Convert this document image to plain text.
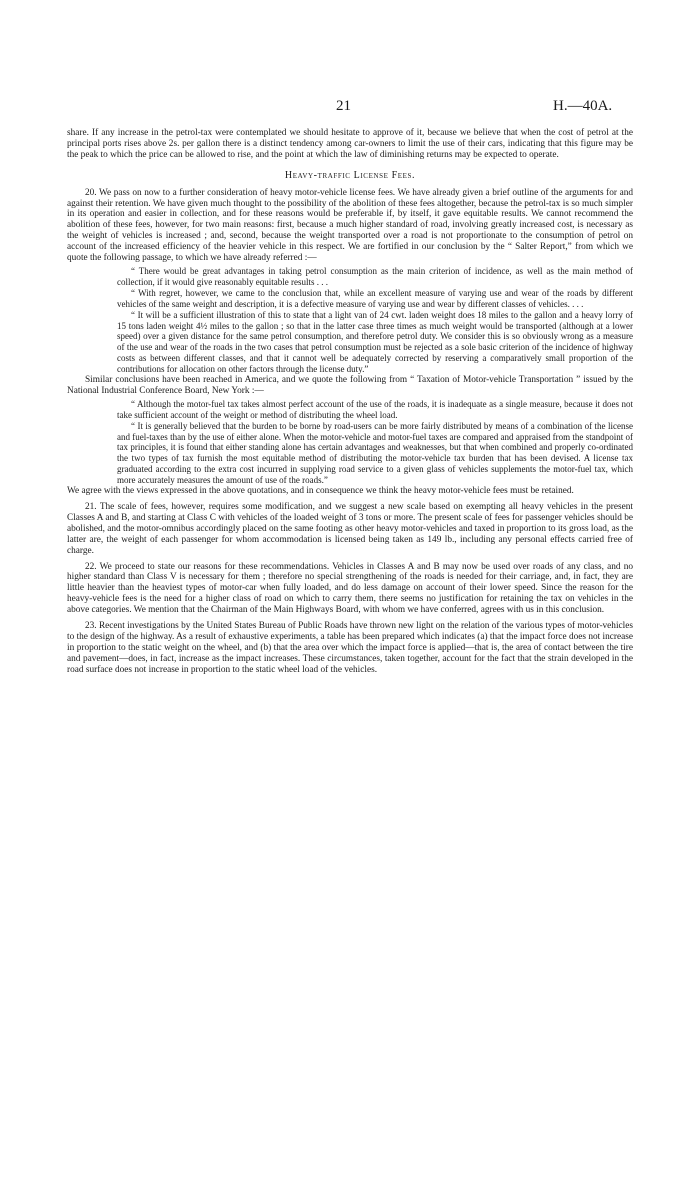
21	H.—40A.

share. If any increase in the petrol-tax were contemplated we should hesitate to approve of it, because we believe that when the cost of petrol at the principal ports rises above 2s. per gallon there is a distinct tendency among car-owners to limit the use of their cars, indicating that this figure may be the peak to which the price can be allowed to rise, and the point at which the law of diminishing returns may be expected to operate.

Heavy-traffic License Fees.

20. We pass on now to a further consideration of heavy motor-vehicle license fees. We have already given a brief outline of the arguments for and against their retention. We have given much thought to the possibility of the abolition of these fees altogether, because the petrol-tax is so much simpler in its operation and easier in collection, and for these reasons would be preferable if, by itself, it gave equitable results. We cannot recommend the abolition of these fees, however, for two main reasons: first, because a much higher standard of road, involving greatly increased cost, is necessary as the weight of vehicles is increased ; and, second, because the weight transported over a road is not proportionate to the consumption of petrol on account of the increased efficiency of the heavier vehicle in this respect. We are fortified in our conclusion by the “ Salter Report,” from which we quote the following passage, to which we have already referred :—

“ There would be great advantages in taking petrol consumption as the main criterion of incidence, as well as the main method of collection, if it would give reasonably equitable results . . .

“ With regret, however, we came to the conclusion that, while an excellent measure of varying use and wear of the roads by different vehicles of the same weight and description, it is a defective measure of varying use and wear by different classes of vehicles. . . .

“ It will be a sufficient illustration of this to state that a light van of 24 cwt. laden weight does 18 miles to the gallon and a heavy lorry of 15 tons laden weight 4½ miles to the gallon ; so that in the latter case three times as much weight would be transported (although at a lower speed) over a given distance for the same petrol consumption, and therefore petrol duty. We consider this is so obviously wrong as a measure of the use and wear of the roads in the two cases that petrol consumption must be rejected as a sole basic criterion of the incidence of highway costs as between different classes, and that it cannot well be adequately corrected by reserving a comparatively small proportion of the contributions for allocation on other factors through the license duty.”

Similar conclusions have been reached in America, and we quote the following from “ Taxation of Motor-vehicle Transportation ” issued by the National Industrial Conference Board, New York :—

“ Although the motor-fuel tax takes almost perfect account of the use of the roads, it is inadequate as a single measure, because it does not take sufficient account of the weight or method of distributing the wheel load.

“ It is generally believed that the burden to be borne by road-users can be more fairly distributed by means of a combination of the license and fuel-taxes than by the use of either alone. When the motor-vehicle and motor-fuel taxes are compared and appraised from the standpoint of tax principles, it is found that either standing alone has certain advantages and weaknesses, but that when combined and properly co-ordinated the two types of tax furnish the most equitable method of distributing the motor-vehicle tax burden that has been devised. A license tax graduated according to the extra cost incurred in supplying road service to a given glass of vehicles supplements the motor-fuel tax, which more accurately measures the amount of use of the roads.”

We agree with the views expressed in the above quotations, and in consequence we think the heavy motor-vehicle fees must be retained.

21. The scale of fees, however, requires some modification, and we suggest a new scale based on exempting all heavy vehicles in the present Classes A and B, and starting at Class C with vehicles of the loaded weight of 3 tons or more. The present scale of fees for passenger vehicles should be abolished, and the motor-omnibus accordingly placed on the same footing as other heavy motor-vehicles and taxed in proportion to its gross load, as the latter are, the weight of each passenger for whom accommodation is licensed being taken as 149 lb., including any personal effects carried free of charge.

22. We proceed to state our reasons for these recommendations. Vehicles in Classes A and B may now be used over roads of any class, and no higher standard than Class V is necessary for them ; therefore no special strengthening of the roads is needed for their carriage, and, in fact, they are little heavier than the heaviest types of motor-car when fully loaded, and do less damage on account of their lower speed. Since the reason for the heavy-vehicle fees is the need for a higher class of road on which to carry them, there seems no justification for retaining the tax on vehicles in the above categories. We mention that the Chairman of the Main Highways Board, with whom we have conferred, agrees with us in this conclusion.

23. Recent investigations by the United States Bureau of Public Roads have thrown new light on the relation of the various types of motor-vehicles to the design of the highway. As a result of exhaustive experiments, a table has been prepared which indicates (a) that the impact force does not increase in proportion to the static weight on the wheel, and (b) that the area over which the impact force is applied—that is, the area of contact between the tire and pavement—does, in fact, increase as the impact increases. These circumstances, taken together, account for the fact that the strain developed in the road surface does not increase in proportion to the static wheel load of the vehicles.
